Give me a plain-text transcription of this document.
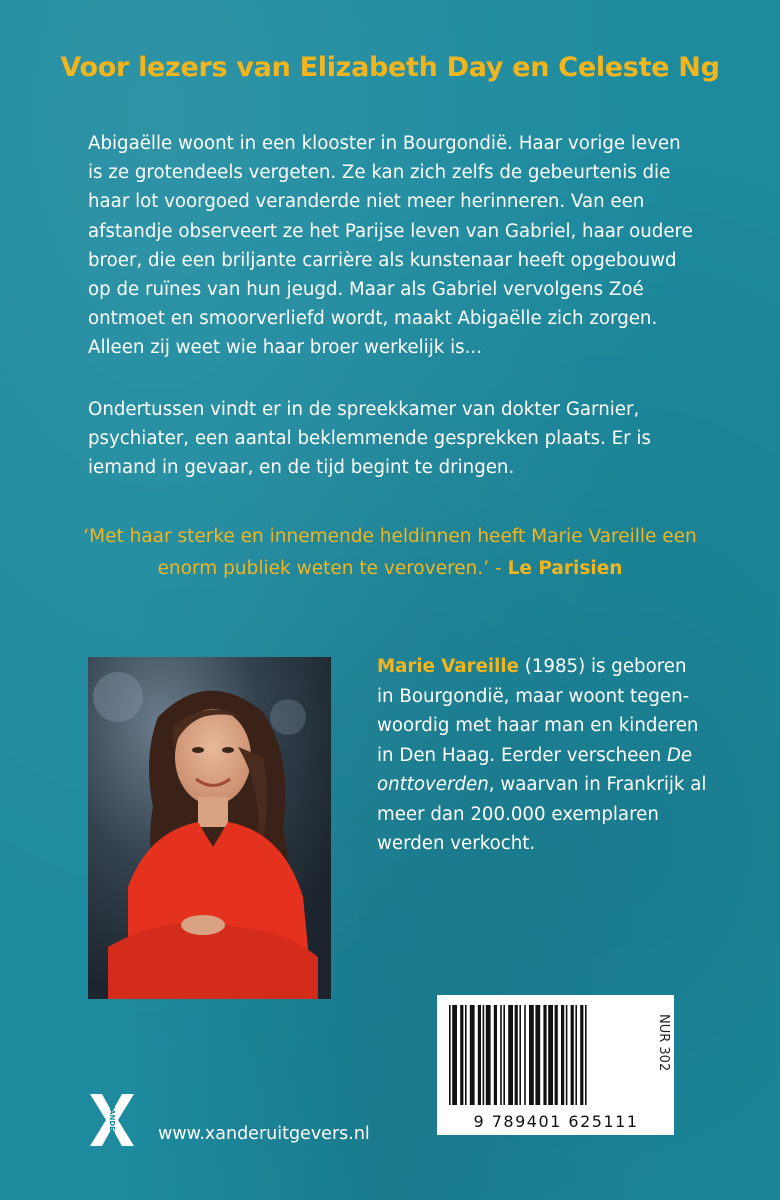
Voor lezers van Elizabeth Day en Celeste Ng

Abigaëlle woont in een klooster in Bourgondië. Haar vorige leven is ze grotendeels vergeten. Ze kan zich zelfs de gebeurtenis die haar lot voorgoed veranderde niet meer herinneren. Van een afstandje observeert ze het Parijse leven van Gabriel, haar oudere broer, die een briljante carrière als kunstenaar heeft opgebouwd op de ruïnes van hun jeugd. Maar als Gabriel vervolgens Zoé ontmoet en smoorverliefd wordt, maakt Abigaëlle zich zorgen. Alleen zij weet wie haar broer werkelijk is...

Ondertussen vindt er in de spreekkamer van dokter Garnier, psychiater, een aantal beklemmende gesprekken plaats. Er is iemand in gevaar, en de tijd begint te dringen.

‘Met haar sterke en innemende heldinnen heeft Marie Vareille een enorm publiek weten te veroveren.’ - Le Parisien
Marie Vareille (1985) is geboren in Bourgondië, maar woont tegen-woordig met haar man en kinderen in Den Haag. Eerder verscheen De onttoverden, waarvan in Frankrijk al meer dan 200.000 exemplaren werden verkocht.
NUR 302
9 789401 625111
XANDER www.xanderuitgevers.nl
